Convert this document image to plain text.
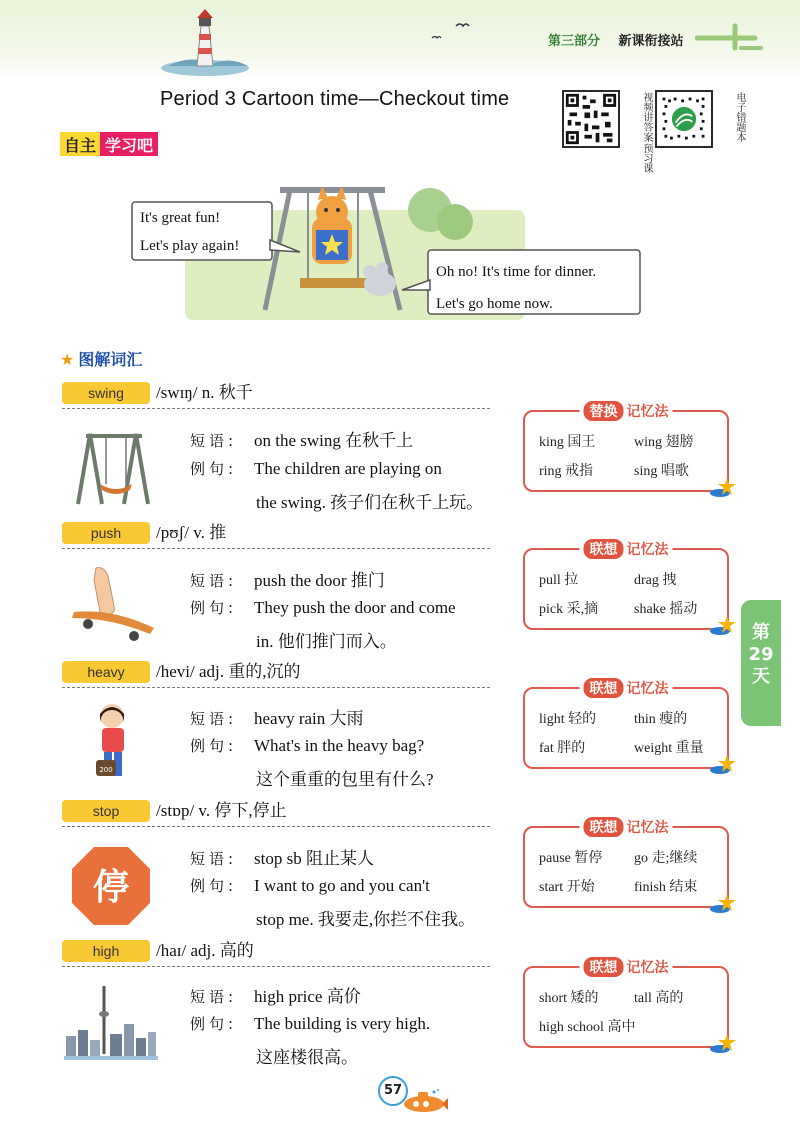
第三部分 新课衔接站
Period 3 Cartoon time—Checkout time	视频讲答案
预习课
电子错题本
自主 学习吧
It's great fun!
Let's play again!
Oh no! It's time for dinner.
Let's go home now.
★ 图解词汇
swing	/swɪŋ/ n. 秋千
短语: on the swing 在秋千上
例句: The children are playing on
the swing. 孩子们在秋千上玩。
替换 记忆法
king 国王	wing 翅膀
ring 戒指	sing 唱歌
push	/pʊʃ/ v. 推
短语: push the door 推门
例句: They push the door and come
in. 他们推门而入。
联想 记忆法
pull 拉	drag 拽
pick 采,摘	shake 摇动
heavy	/hevi/ adj. 重的,沉的
200
短语: heavy rain 大雨
例句: What's in the heavy bag?
这个重重的包里有什么?
联想 记忆法
light 轻的	thin 瘦的
fat 胖的	weight 重量
stop	/stɒp/ v. 停下,停止
停
短语: stop sb 阻止某人
例句: I want to go and you can't
stop me. 我要走,你拦不住我。
联想 记忆法
pause 暂停 go 走;继续
start 开始	finish 结束
high	/haɪ/ adj. 高的
短语: high price 高价
例句: The building is very high.
这座楼很高。
联想 记忆法
short 矮的	tall 高的
high school 高中
第
29
天
57
